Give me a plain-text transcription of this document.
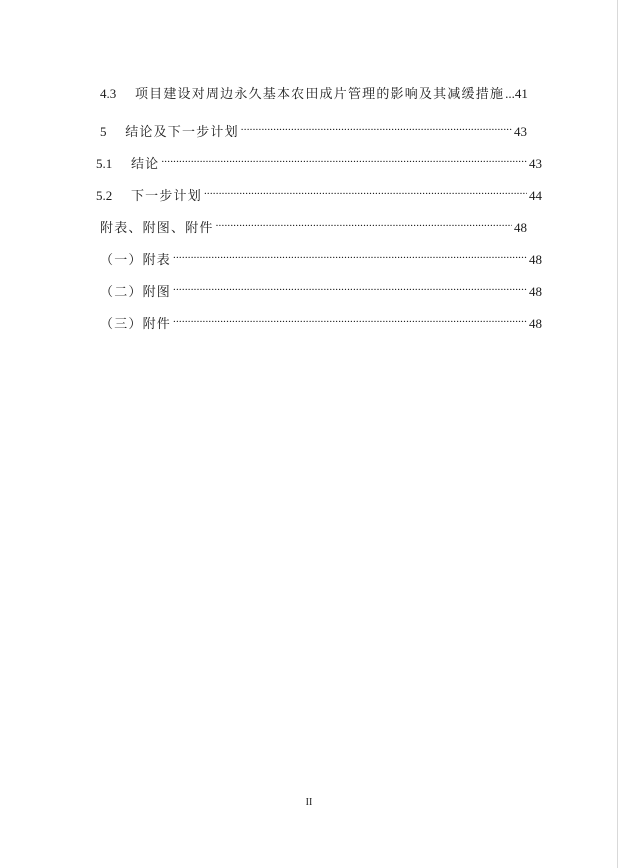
4.3 项目建设对周边永久基本农田成片管理的影响及其减缓措施 ... 41
5 结论及下一步计划 .....	43
5.1 结论 .....	43
5.2 下一步计划 .....	44
附表、附图、附件 .....	48
（一）附表 .....	48
（二）附图 .....	48
（三）附件 .....	48
II
